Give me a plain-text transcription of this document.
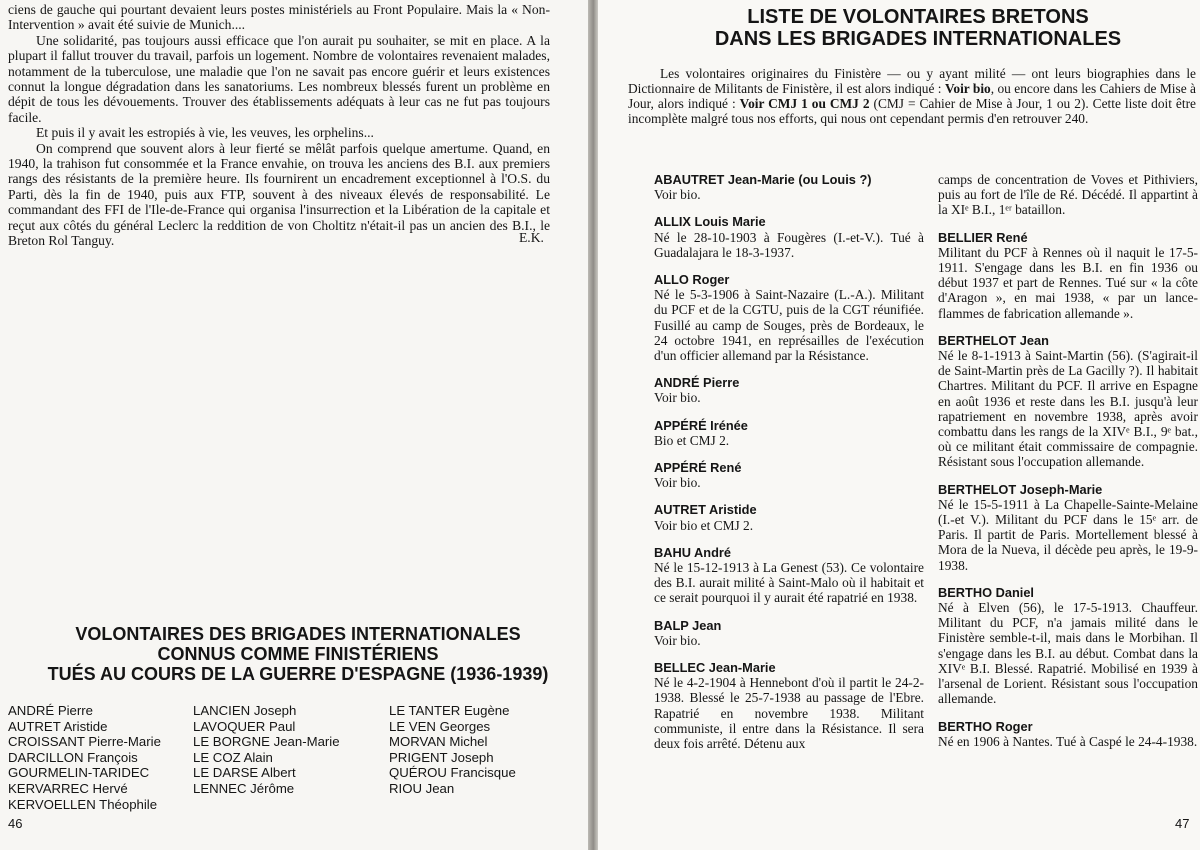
ciens de gauche qui pourtant devaient leurs postes ministériels au Front Populaire. Mais la « Non-Intervention » avait été suivie de Munich....

Une solidarité, pas toujours aussi efficace que l'on aurait pu souhaiter, se mit en place. A la plupart il fallut trouver du travail, parfois un logement. Nombre de volontaires revenaient malades, notamment de la tuberculose, une maladie que l'on ne savait pas encore guérir et leurs existences connut la longue dégradation dans les sanatoriums. Les nombreux blessés furent un problème en dépit de tous les dévouements. Trouver des établissements adéquats à leur cas ne fut pas toujours facile.

Et puis il y avait les estropiés à vie, les veuves, les orphelins...

On comprend que souvent alors à leur fierté se mêlât parfois quelque amertume. Quand, en 1940, la trahison fut consommée et la France envahie, on trouva les anciens des B.I. aux premiers rangs des résistants de la première heure. Ils fournirent un encadrement exceptionnel à l'O.S. du Parti, dès la fin de 1940, puis aux FTP, souvent à des niveaux élevés de responsabilité. Le commandant des FFI de l'Ile-de-France qui organisa l'insurrection et la Libération de la capitale et reçut aux côtés du général Leclerc la reddition de von Choltitz n'était-il pas un ancien des B.I., le Breton Rol Tanguy.	E.K.
VOLONTAIRES DES BRIGADES INTERNATIONALES
CONNUS COMME FINISTÉRIENS
TUÉS AU COURS DE LA GUERRE D'ESPAGNE (1936-1939)
ANDRÉ Pierre
AUTRET Aristide
CROISSANT Pierre-Marie
DARCILLON François
GOURMELIN-TARIDEC
KERVARREC Hervé
KERVOELLEN Théophile
LANCIEN Joseph
LAVOQUER Paul
LE BORGNE Jean-Marie
LE COZ Alain
LE DARSE Albert
LENNEC Jérôme
LE TANTER Eugène
LE VEN Georges
MORVAN Michel
PRIGENT Joseph
QUÉROU Francisque
RIOU Jean
46
LISTE DE VOLONTAIRES BRETONS
DANS LES BRIGADES INTERNATIONALES

Les volontaires originaires du Finistère — ou y ayant milité — ont leurs biographies dans le Dictionnaire de Militants de Finistère, il est alors indiqué : Voir bio, ou encore dans les Cahiers de Mise à Jour, alors indiqué : Voir CMJ 1 ou CMJ 2 (CMJ = Cahier de Mise à Jour, 1 ou 2). Cette liste doit être incomplète malgré tous nos efforts, qui nous ont cependant permis d'en retrouver 240.

ABAUTRET Jean-Marie (ou Louis ?)
Voir bio.
ALLIX Louis Marie
Né le 28-10-1903 à Fougères (I.-et-V.). Tué à Guadalajara le 18-3-1937.
ALLO Roger
Né le 5-3-1906 à Saint-Nazaire (L.-A.). Militant du PCF et de la CGTU, puis de la CGT réunifiée. Fusillé au camp de Souges, près de Bordeaux, le 24 octobre 1941, en représailles de l'exécution d'un officier allemand par la Résistance.
ANDRÉ Pierre
Voir bio.
APPÉRÉ Irénée
Bio et CMJ 2.
APPÉRÉ René
Voir bio.
AUTRET Aristide
Voir bio et CMJ 2.
BAHU André
Né le 15-12-1913 à La Genest (53). Ce volontaire des B.I. aurait milité à Saint-Malo où il habitait et ce serait pourquoi il y aurait été rapatrié en 1938.
BALP Jean
Voir bio.
BELLEC Jean-Marie
Né le 4-2-1904 à Hennebont d'où il partit le 24-2-1938. Blessé le 25-7-1938 au passage de l'Ebre. Rapatrié en novembre 1938. Militant communiste, il entre dans la Résistance. Il sera deux fois arrêté. Détenu aux
camps de concentration de Voves et Pithiviers, puis au fort de l'île de Ré. Décédé. Il appartint à la XIᵉ B.I., 1ᵉʳ bataillon.
BELLIER René
Militant du PCF à Rennes où il naquit le 17-5-1911. S'engage dans les B.I. en fin 1936 ou début 1937 et part de Rennes. Tué sur « la côte d'Aragon », en mai 1938, « par un lance-flammes de fabrication allemande ».
BERTHELOT Jean
Né le 8-1-1913 à Saint-Martin (56). (S'agirait-il de Saint-Martin près de La Gacilly ?). Il habitait Chartres. Militant du PCF. Il arrive en Espagne en août 1936 et reste dans les B.I. jusqu'à leur rapatriement en novembre 1938, après avoir combattu dans les rangs de la XIVᵉ B.I., 9ᵉ bat., où ce militant était commissaire de compagnie. Résistant sous l'occupation allemande.
BERTHELOT Joseph-Marie
Né le 15-5-1911 à La Chapelle-Sainte-Melaine (I.-et V.). Militant du PCF dans le 15ᵉ arr. de Paris. Il partit de Paris. Mortellement blessé à Mora de la Nueva, il décède peu après, le 19-9-1938.
BERTHO Daniel
Né à Elven (56), le 17-5-1913. Chauffeur. Militant du PCF, n'a jamais milité dans le Finistère semble-t-il, mais dans le Morbihan. Il s'engage dans les B.I. au début. Combat dans la XIVᵉ B.I. Blessé. Rapatrié. Mobilisé en 1939 à l'arsenal de Lorient. Résistant sous l'occupation allemande.
BERTHO Roger
Né en 1906 à Nantes. Tué à Caspé le 24-4-1938.
47
